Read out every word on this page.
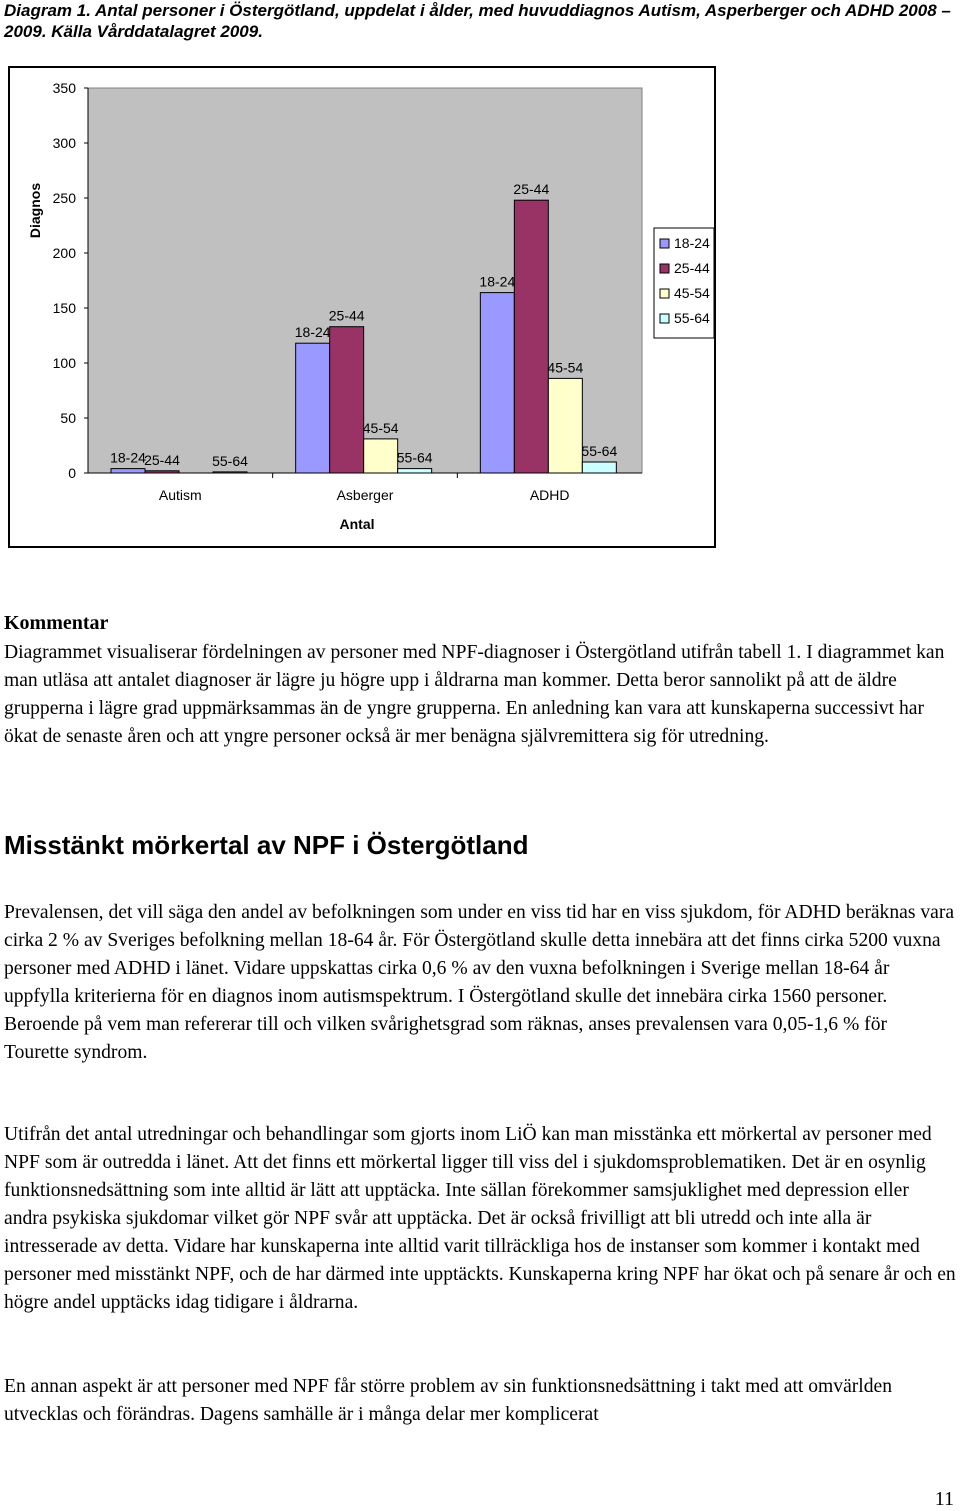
Diagram 1. Antal personer i Östergötland, uppdelat i ålder, med huvuddiagnos Autism, Asperberger och ADHD 2008 – 2009. Källa Vårddatalagret 2009.
0
50
100
150
200
250
300
350
Diagnos
Autism	Asberger	ADHD
Antal
18-24
25-44 55-64
18-24
25-44
45-54
55-64
18-24
25-44
45-54
55-64
18-24
25-44
45-54
55-64
Kommentar
Diagrammet visualiserar fördelningen av personer med NPF-diagnoser i Östergötland utifrån tabell 1. I diagrammet kan man utläsa att antalet diagnoser är lägre ju högre upp i åldrarna man kommer. Detta beror sannolikt på att de äldre grupperna i lägre grad uppmärksammas än de yngre grupperna. En anledning kan vara att kunskaperna successivt har ökat de senaste åren och att yngre personer också är mer benägna självremittera sig för utredning.
Misstänkt mörkertal av NPF i Östergötland
Prevalensen, det vill säga den andel av befolkningen som under en viss tid har en viss sjukdom, för ADHD beräknas vara cirka 2 % av Sveriges befolkning mellan 18-64 år. För Östergötland skulle detta innebära att det finns cirka 5200 vuxna personer med ADHD i länet. Vidare uppskattas cirka 0,6 % av den vuxna befolkningen i Sverige mellan 18-64 år uppfylla kriterierna för en diagnos inom autismspektrum. I Östergötland skulle det innebära cirka 1560 personer. Beroende på vem man refererar till och vilken svårighetsgrad som räknas, anses prevalensen vara 0,05-1,6 % för Tourette syndrom.
Utifrån det antal utredningar och behandlingar som gjorts inom LiÖ kan man misstänka ett mörkertal av personer med NPF som är outredda i länet. Att det finns ett mörkertal ligger till viss del i sjukdomsproblematiken. Det är en osynlig funktionsnedsättning som inte alltid är lätt att upptäcka. Inte sällan förekommer samsjuklighet med depression eller andra psykiska sjukdomar vilket gör NPF svår att upptäcka. Det är också frivilligt att bli utredd och inte alla är intresserade av detta. Vidare har kunskaperna inte alltid varit tillräckliga hos de instanser som kommer i kontakt med personer med misstänkt NPF, och de har därmed inte upptäckts. Kunskaperna kring NPF har ökat och på senare år och en högre andel upptäcks idag tidigare i åldrarna.
En annan aspekt är att personer med NPF får större problem av sin funktionsnedsättning i takt med att omvärlden utvecklas och förändras. Dagens samhälle är i många delar mer komplicerat
11
